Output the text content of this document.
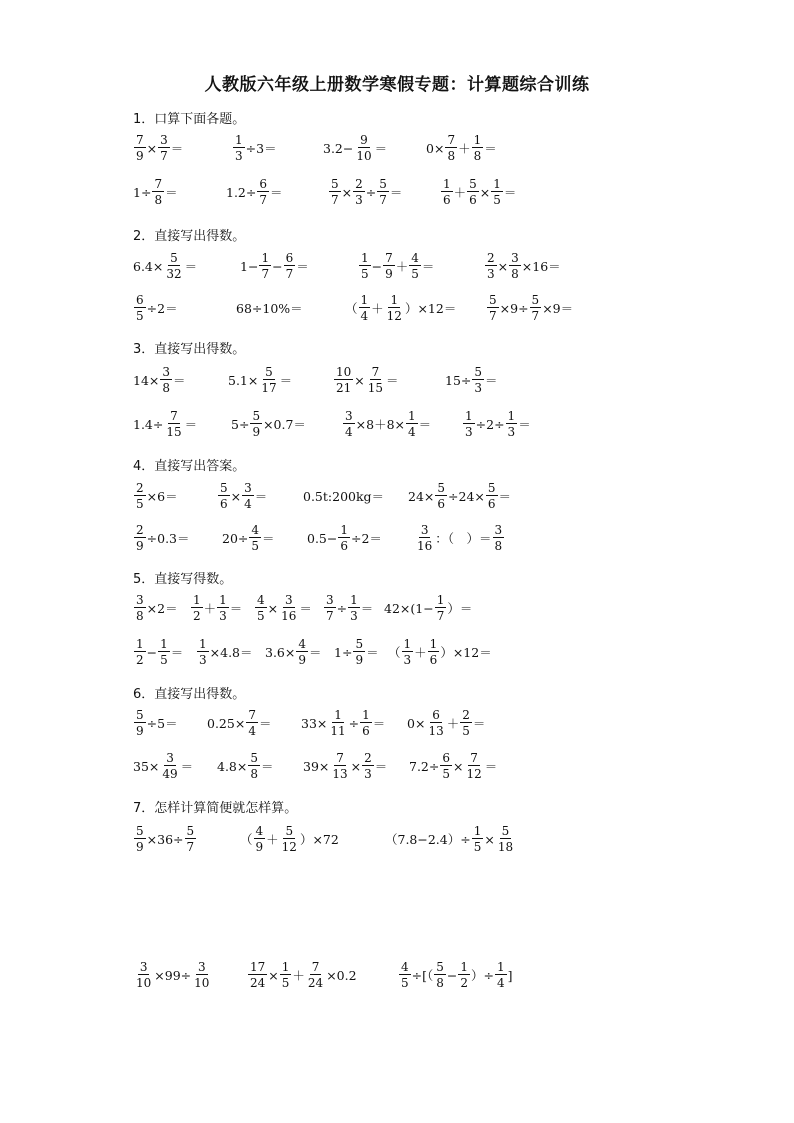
人教版六年级上册数学寒假专题：计算题综合训练
1．口算下面各题。
$\frac{7}{9} \times \frac{3}{7}$ ＝	$\frac{1}{3} \div 3=$	$3.2- \frac{9}{10}$ ＝	$0\times \frac{7}{8} + \frac{1}{8}$ ＝
$1\div \frac{7}{8}$ ＝	$1.2\div \frac{6}{7}$ ＝	$\frac{5}{7} \times \frac{2}{3} \div \frac{5}{7}$ ＝	$\frac{1}{6} + \frac{5}{6} \times \frac{1}{5}$ ＝
2．直接写出得数。
$6.4\times \frac{5}{32}$ ＝	$1- \frac{1}{7} - \frac{6}{7}$ ＝	$\frac{1}{5} - \frac{7}{9} + \frac{4}{5}$ ＝	$\frac{2}{3} \times \frac{3}{8} \times 16=$
$\frac{6}{5} \div 2=$	68÷10%＝	（ $\frac{1}{4} + \frac{1}{12} )\times 12=$	$\frac{5}{7} \times 9\div \frac{5}{7} \times 9=$
3．直接写出得数。
$14\times \frac{3}{8}$ ＝	$5.1\times \frac{5}{17}$ ＝	$\frac{10}{21} \times \frac{7}{15}$ ＝	$15\div \frac{5}{3}$ ＝
$1.4\div \frac{7}{15}$ ＝	$5\div \frac{5}{9} \times 0.7=$	$\frac{3}{4} \times 8+8\times \frac{1}{4}$ ＝	$\frac{1}{3} \div 2\div \frac{1}{3}$ ＝
4．直接写出答案。
$\frac{2}{5} \times 6=$	$\frac{5}{6} \times \frac{3}{4}$ ＝	0.5t:200kg＝ $24\times \frac{5}{6} \div 24\times \frac{5}{6}$ ＝
$\frac{2}{9} \div 0.3=$	$20\div \frac{4}{5}$ ＝	$0.5- \frac{1}{6} \div 2=$	$\frac{3}{16}$ ：（　）＝ $\frac{3}{8}$
5．直接写得数。
$\frac{3}{8} \times 2= \frac{1}{2} + \frac{1}{3} = \frac{4}{5} \times \frac{3}{16} = \frac{3}{7} \div \frac{1}{3} = 42\times(1- \frac{1}{7}$ ）＝
$\frac{1}{2} - \frac{1}{5} = \frac{1}{3} \times 4.8= 3.6\times \frac{4}{9} = 1\div \frac{5}{9}$ ＝ （ $\frac{1}{3} + \frac{1}{6} )\times 12=$
6．直接写出得数。
$\frac{5}{9} \div 5= 0.25\times \frac{7}{4} = 33\times \frac{1}{11} \div \frac{1}{6} = 0\times \frac{6}{13} + \frac{2}{5}$ ＝
$35\times \frac{3}{49} = 4.8\times \frac{5}{8} = 39\times \frac{7}{13} \times \frac{2}{3} = 7.2\div \frac{6}{5} \times \frac{7}{12}$ ＝
7．怎样计算简便就怎样算。
$\frac{5}{9} \times 36\div \frac{5}{7}$	（ $\frac{4}{9} + \frac{5}{12} )\times 72$	$(7.8-2.4)\div \frac{1}{5} \times \frac{5}{18}$
$\frac{3}{10} \times 99\div \frac{3}{10}$	$\frac{17}{24} \times \frac{1}{5} + \frac{7}{24} \times 0.2$	$\frac{4}{5}$ ÷[（ $\frac{5}{8} - \frac{1}{2}$ ）÷ $\frac{1}{4}$ ]
